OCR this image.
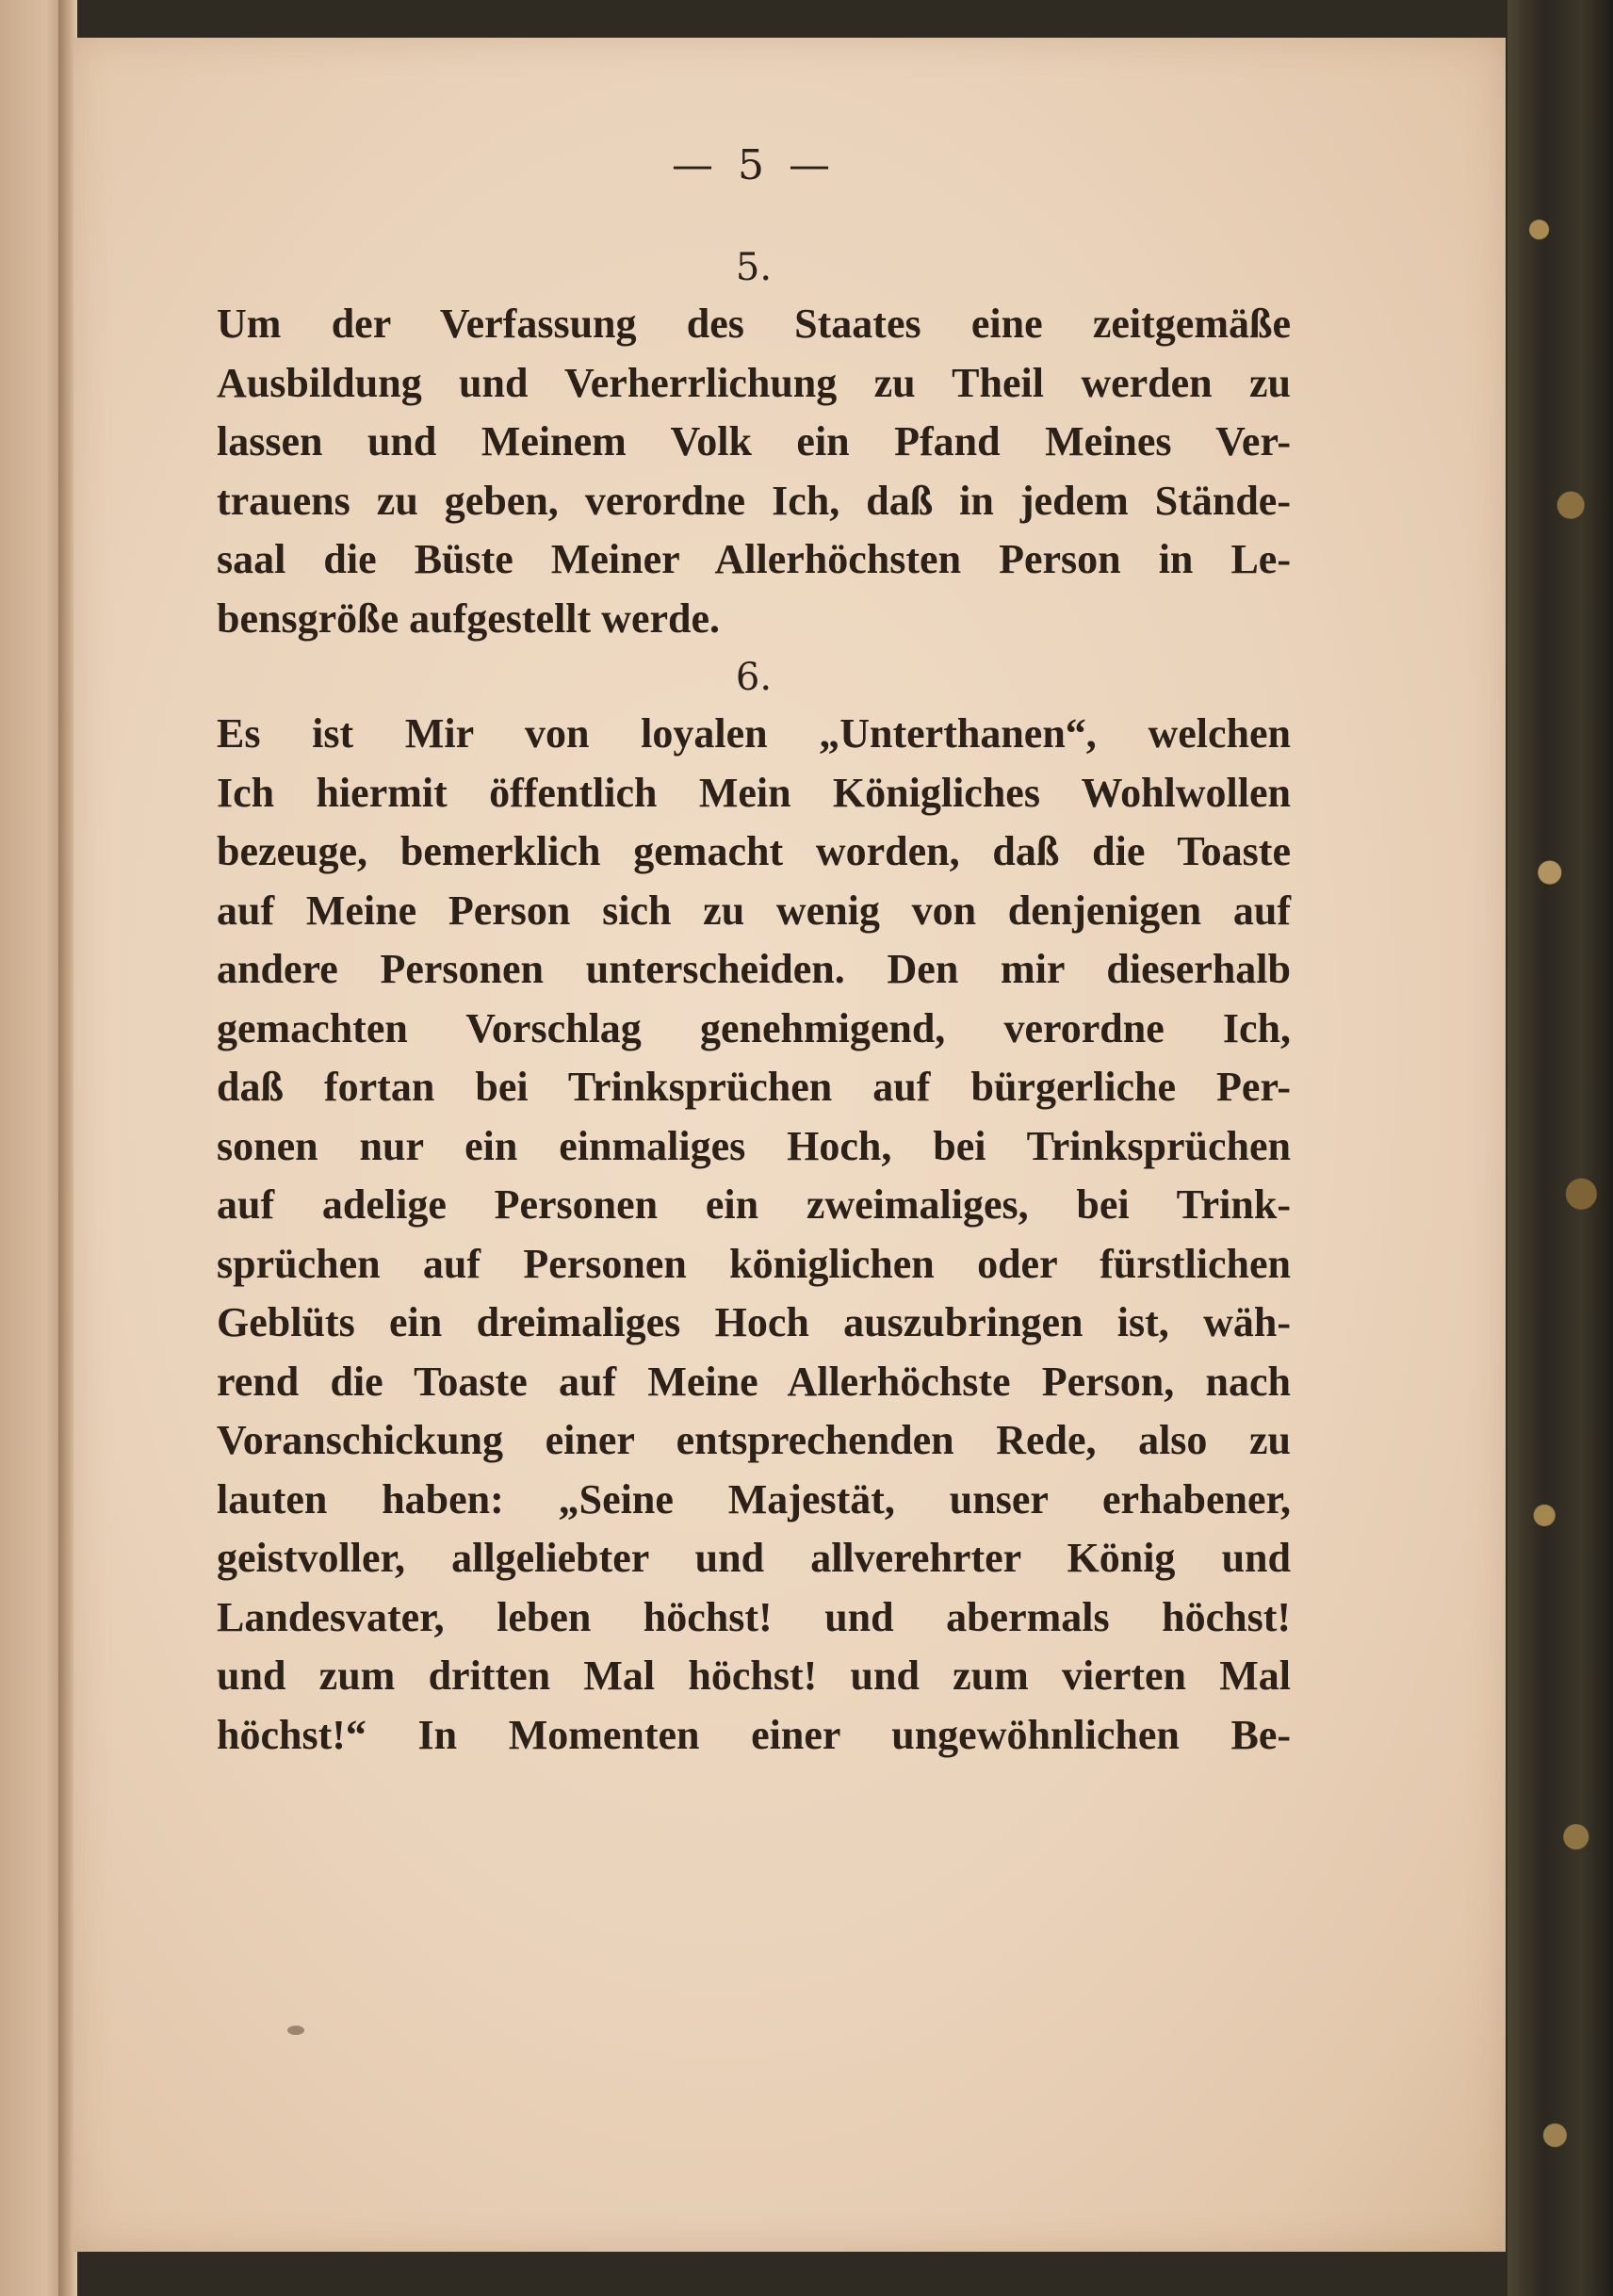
— 5 —
5.
Um der Verfassung des Staates eine zeitgemäße
Ausbildung und Verherrlichung zu Theil werden zu
lassen und Meinem Volk ein Pfand Meines Ver-
trauens zu geben, verordne Ich, daß in jedem Stände-
saal die Büste Meiner Allerhöchsten Person in Le-
bensgröße aufgestellt werde.
6.
Es ist Mir von loyalen „Unterthanen“, welchen
Ich hiermit öffentlich Mein Königliches Wohlwollen
bezeuge, bemerklich gemacht worden, daß die Toaste
auf Meine Person sich zu wenig von denjenigen auf
andere Personen unterscheiden. Den mir dieserhalb
gemachten Vorschlag genehmigend, verordne Ich,
daß fortan bei Trinksprüchen auf bürgerliche Per-
sonen nur ein einmaliges Hoch, bei Trinksprüchen
auf adelige Personen ein zweimaliges, bei Trink-
sprüchen auf Personen königlichen oder fürstlichen
Geblüts ein dreimaliges Hoch auszubringen ist, wäh-
rend die Toaste auf Meine Allerhöchste Person, nach
Voranschickung einer entsprechenden Rede, also zu
lauten haben: „Seine Majestät, unser erhabener,
geistvoller, allgeliebter und allverehrter König und
Landesvater, leben höchst! und abermals höchst!
und zum dritten Mal höchst! und zum vierten Mal
höchst!“ In Momenten einer ungewöhnlichen Be-
